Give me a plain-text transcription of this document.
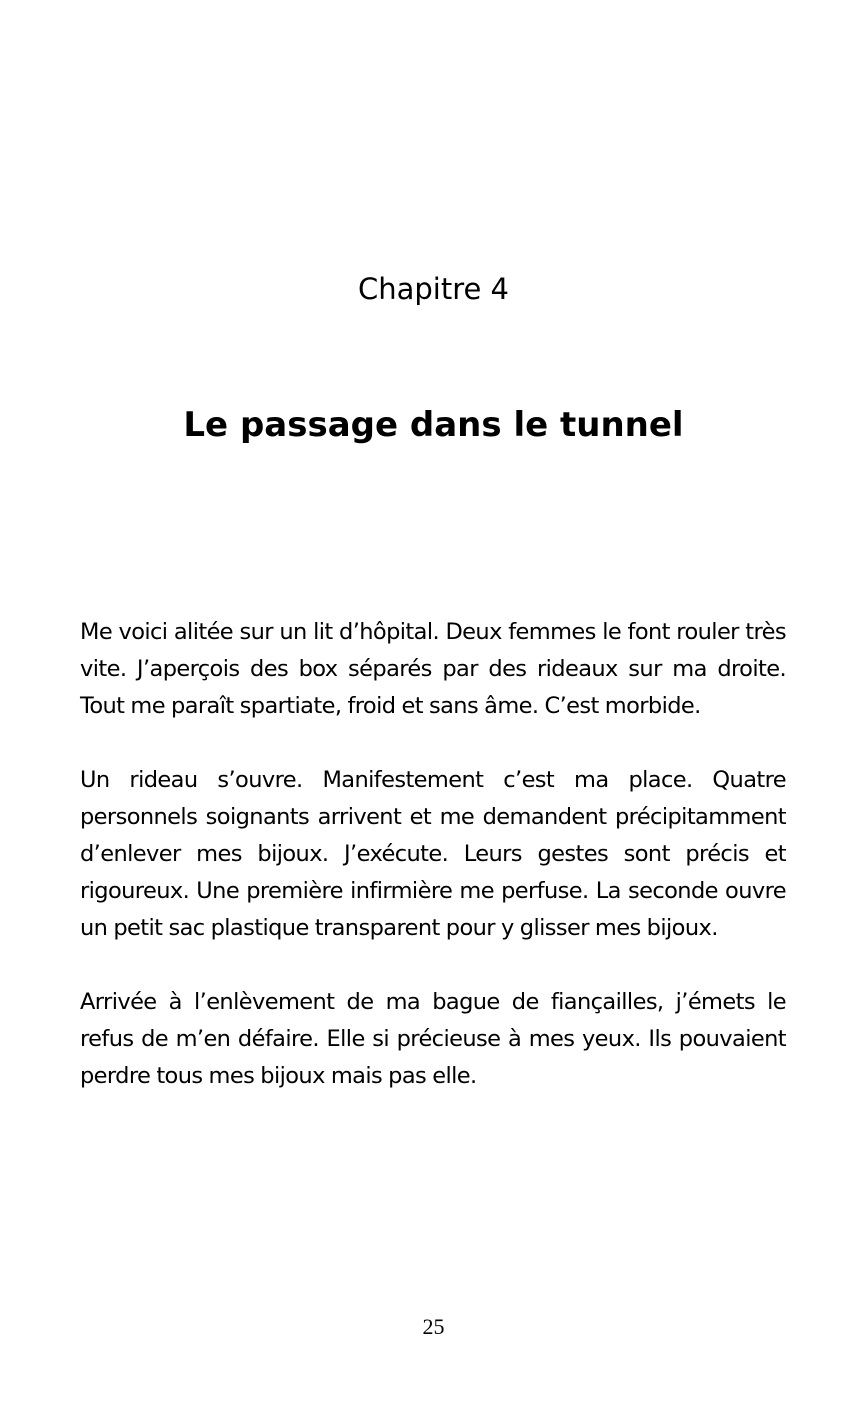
Chapitre 4
Le passage dans le tunnel

Me voici alitée sur un lit d’hôpital. Deux femmes le font rouler très vite. J’aperçois des box séparés par des rideaux sur ma droite. Tout me paraît spartiate, froid et sans âme. C’est morbide.

Un rideau s’ouvre. Manifestement c’est ma place. Quatre personnels soignants arrivent et me demandent précipitamment d’enlever mes bijoux. J’exécute. Leurs gestes sont précis et rigoureux. Une première infirmière me perfuse. La seconde ouvre un petit sac plastique transparent pour y glisser mes bijoux.

Arrivée à l’enlèvement de ma bague de fiançailles, j’émets le refus de m’en défaire. Elle si précieuse à mes yeux. Ils pouvaient perdre tous mes bijoux mais pas elle.

25
